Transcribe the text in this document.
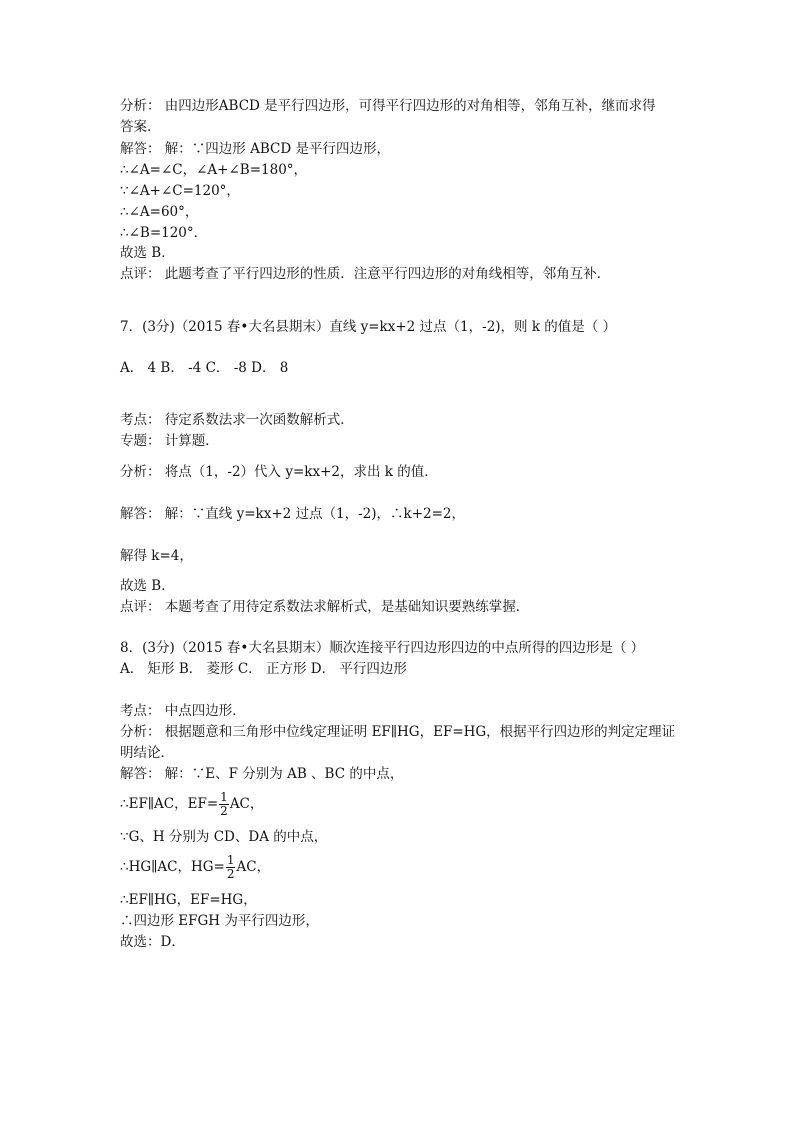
分析： 由四边形ABCD 是平行四边形，可得平行四边形的对角相等，邻角互补，继而求得
答案．
解答： 解：∵四边形 ABCD 是平行四边形，
∴∠A=∠C，∠A+∠B=180°，
∵∠A+∠C=120°，
∴∠A=60°，
∴∠B=120°．
故选 B．
点评： 此题考查了平行四边形的性质．注意平行四边形的对角线相等，邻角互补．
7．(3分)（2015 春•大名县期末）直线 y=kx+2 过点（1，-2)，则 k 的值是（ ）
A． 4 B． -4 C． -8 D． 8
考点： 待定系数法求一次函数解析式．
专题： 计算题．
分析： 将点（1，-2）代入 y=kx+2，求出 k 的值．
解答： 解：∵直线 y=kx+2 过点（1，-2)，∴k+2=2，
解得 k=4，
故选 B．
点评： 本题考查了用待定系数法求解析式，是基础知识要熟练掌握．
8．(3分)（2015 春•大名县期末）顺次连接平行四边形四边的中点所得的四边形是（ ）
A． 矩形 B． 菱形 C． 正方形 D． 平行四边形
考点： 中点四边形．
分析： 根据题意和三角形中位线定理证明 EF∥HG，EF=HG，根据平行四边形的判定定理证
明结论．
解答： 解：∵E、F 分别为 AB 、BC 的中点，
∵G、H 分别为 CD、DA 的中点，
∴EF∥HG，EF=HG，
∴四边形 EFGH 为平行四边形，
故选：D．
∴EF∥AC，$EF= \frac{1}{2}$ AC，
∴HG∥AC，$HG= \frac{1}{2}$ AC，
